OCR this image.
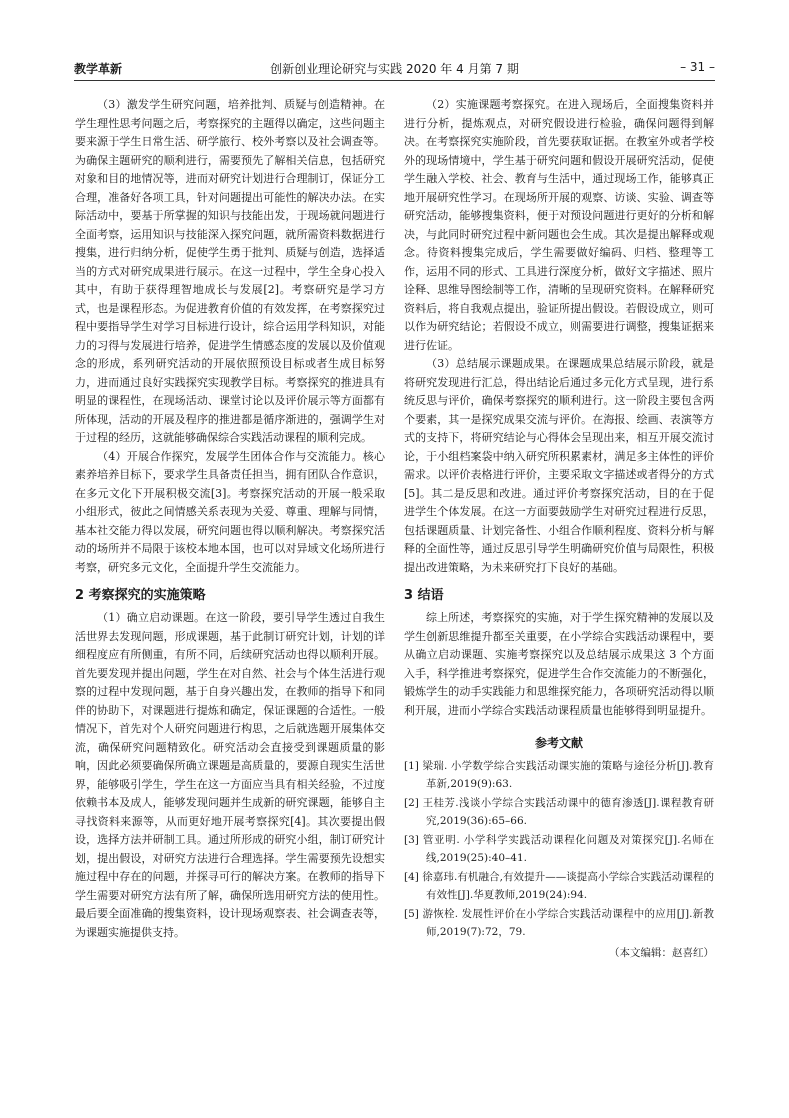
教学革新	创新创业理论研究与实践 2020 年 4 月第 7 期	– 31 –

（3）激发学生研究问题，培养批判、质疑与创造精神。在学生理性思考问题之后，考察探究的主题得以确定，这些问题主要来源于学生日常生活、研学旅行、校外考察以及社会调查等。为确保主题研究的顺利进行，需要预先了解相关信息，包括研究对象和目的地情况等，进而对研究计划进行合理制订，保证分工合理，准备好各项工具，针对问题提出可能性的解决办法。在实际活动中，要基于所掌握的知识与技能出发，于现场就问题进行全面考察，运用知识与技能深入探究问题，就所需资料数据进行搜集，进行归纳分析，促使学生勇于批判、质疑与创造，选择适当的方式对研究成果进行展示。在这一过程中，学生全身心投入其中，有助于获得理智地成长与发展[2]。考察研究是学习方式，也是课程形态。为促进教育价值的有效发挥，在考察探究过程中要指导学生对学习目标进行设计，综合运用学科知识，对能力的习得与发展进行培养，促进学生情感态度的发展以及价值观念的形成，系列研究活动的开展依照预设目标或者生成目标努力，进而通过良好实践探究实现教学目标。考察探究的推进具有明显的课程性，在现场活动、课堂讨论以及评价展示等方面都有所体现，活动的开展及程序的推进都是循序渐进的，强调学生对于过程的经历，这就能够确保综合实践活动课程的顺利完成。

（4）开展合作探究，发展学生团体合作与交流能力。核心素养培养目标下，要求学生具备责任担当，拥有团队合作意识，在多元文化下开展积极交流[3]。考察探究活动的开展一般采取小组形式，彼此之间情感关系表现为关爱、尊重、理解与同情，基本社交能力得以发展，研究问题也得以顺利解决。考察探究活动的场所并不局限于该校本地本国，也可以对异域文化场所进行考察，研究多元文化，全面提升学生交流能力。

2 考察探究的实施策略

（1）确立启动课题。在这一阶段，要引导学生透过自我生活世界去发现问题，形成课题，基于此制订研究计划，计划的详细程度应有所侧重，有所不同，后续研究活动也得以顺利开展。首先要发现并提出问题，学生在对自然、社会与个体生活进行观察的过程中发现问题，基于自身兴趣出发，在教师的指导下和同伴的协助下，对课题进行提炼和确定，保证课题的合适性。一般情况下，首先对个人研究问题进行构思，之后就选题开展集体交流，确保研究问题精致化。研究活动会直接受到课题质量的影响，因此必须要确保所确立课题是高质量的，要源自现实生活世界，能够吸引学生，学生在这一方面应当具有相关经验，不过度依赖书本及成人，能够发现问题并生成新的研究课题，能够自主寻找资料来源等，从而更好地开展考察探究[4]。其次要提出假设，选择方法并研制工具。通过所形成的研究小组，制订研究计划，提出假设，对研究方法进行合理选择。学生需要预先设想实施过程中存在的问题，并探寻可行的解决方案。在教师的指导下学生需要对研究方法有所了解，确保所选用研究方法的使用性。最后要全面准确的搜集资料，设计现场观察表、社会调查表等，为课题实施提供支持。

（2）实施课题考察探究。在进入现场后，全面搜集资料并进行分析，提炼观点，对研究假设进行检验，确保问题得到解决。在考察探究实施阶段，首先要获取证据。在教室外或者学校外的现场情境中，学生基于研究问题和假设开展研究活动，促使学生融入学校、社会、教育与生活中，通过现场工作，能够真正地开展研究性学习。在现场所开展的观察、访谈、实验、调查等研究活动，能够搜集资料，便于对预设问题进行更好的分析和解决，与此同时研究过程中新问题也会生成。其次是提出解释或观念。待资料搜集完成后，学生需要做好编码、归档、整理等工作，运用不同的形式、工具进行深度分析，做好文字描述、照片诠释、思维导图绘制等工作，清晰的呈现研究资料。在解释研究资料后，将自我观点提出，验证所提出假设。若假设成立，则可以作为研究结论；若假设不成立，则需要进行调整，搜集证据来进行佐证。

（3）总结展示课题成果。在课题成果总结展示阶段，就是将研究发现进行汇总，得出结论后通过多元化方式呈现，进行系统反思与评价，确保考察探究的顺利进行。这一阶段主要包含两个要素，其一是探究成果交流与评价。在海报、绘画、表演等方式的支持下，将研究结论与心得体会呈现出来，相互开展交流讨论，于小组档案袋中纳入研究所积累素材，满足多主体性的评价需求。以评价表格进行评价，主要采取文字描述或者得分的方式[5]。其二是反思和改进。通过评价考察探究活动，目的在于促进学生个体发展。在这一方面要鼓励学生对研究过程进行反思，包括课题质量、计划完备性、小组合作顺利程度、资料分析与解释的全面性等，通过反思引导学生明确研究价值与局限性，积极提出改进策略，为未来研究打下良好的基础。

3 结语

综上所述，考察探究的实施，对于学生探究精神的发展以及学生创新思维提升都至关重要，在小学综合实践活动课程中，要从确立启动课题、实施考察探究以及总结展示成果这 3 个方面入手，科学推进考察探究，促进学生合作交流能力的不断强化，锻炼学生的动手实践能力和思维探究能力，各项研究活动得以顺利开展，进而小学综合实践活动课程质量也能够得到明显提升。

参考文献
[1] 梁瑞. 小学数学综合实践活动课实施的策略与途径分析[J].教育革新,2019(9):63.
[2] 王桂芳.浅谈小学综合实践活动课中的德育渗透[J].课程教育研究,2019(36):65–66.
[3] 管亚明. 小学科学实践活动课程化问题及对策探究[J].名师在线,2019(25):40–41.
[4] 徐嘉玮.有机融合,有效提升——谈提高小学综合实践活动课程的有效性[J].华夏教师,2019(24):94.
[5] 游恢栓. 发展性评价在小学综合实践活动课程中的应用[J].新教师,2019(7):72，79.
（本文编辑：赵喜红）
